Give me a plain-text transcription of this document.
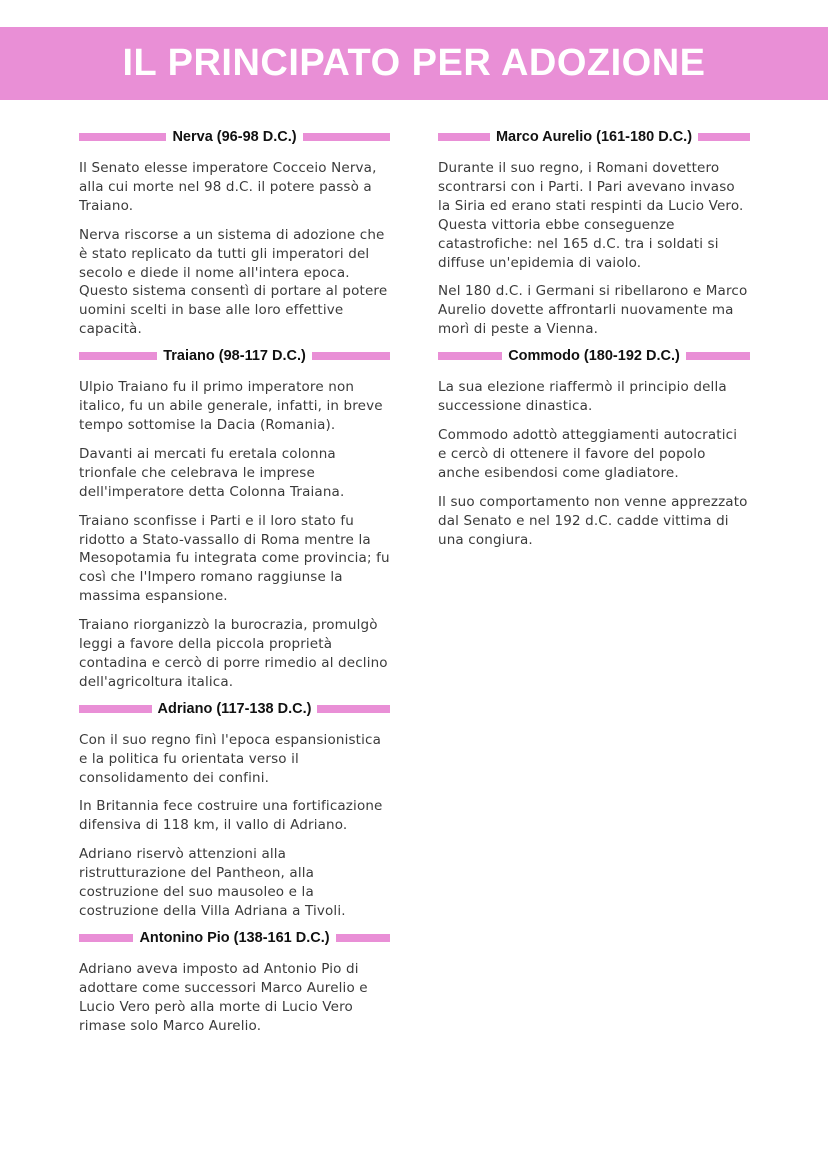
IL PRINCIPATO PER ADOZIONE
Nerva (96-98 D.C.)

Il Senato elesse imperatore Cocceio Nerva, alla cui morte nel 98 d.C. il potere passò a Traiano.

Nerva riscorse a un sistema di adozione che è stato replicato da tutti gli imperatori del secolo e diede il nome all'intera epoca. Questo sistema consentì di portare al potere uomini scelti in base alle loro effettive capacità.

Traiano (98-117 D.C.)

Ulpio Traiano fu il primo imperatore non italico, fu un abile generale, infatti, in breve tempo sottomise la Dacia (Romania).

Davanti ai mercati fu eretala colonna trionfale che celebrava le imprese dell'imperatore detta Colonna Traiana.

Traiano sconfisse i Parti e il loro stato fu ridotto a Stato-vassallo di Roma mentre la Mesopotamia fu integrata come provincia; fu così che l'Impero romano raggiunse la massima espansione.

Traiano riorganizzò la burocrazia, promulgò leggi a favore della piccola proprietà contadina e cercò di porre rimedio al declino dell'agricoltura italica.

Adriano (117-138 D.C.)

Con il suo regno finì l'epoca espansionistica e la politica fu orientata verso il consolidamento dei confini.

In Britannia fece costruire una fortificazione difensiva di 118 km, il vallo di Adriano.

Adriano riservò attenzioni alla ristrutturazione del Pantheon, alla costruzione del suo mausoleo e la costruzione della Villa Adriana a Tivoli.

Antonino Pio (138-161 D.C.)

Adriano aveva imposto ad Antonio Pio di adottare come successori Marco Aurelio e Lucio Vero però alla morte di Lucio Vero rimase solo Marco Aurelio.

Marco Aurelio (161-180 D.C.)

Durante il suo regno, i Romani dovettero scontrarsi con i Parti. I Pari avevano invaso la Siria ed erano stati respinti da Lucio Vero. Questa vittoria ebbe conseguenze catastrofiche: nel 165 d.C. tra i soldati si diffuse un'epidemia di vaiolo.

Nel 180 d.C. i Germani si ribellarono e Marco Aurelio dovette affrontarli nuovamente ma morì di peste a Vienna.

Commodo (180-192 D.C.)

La sua elezione riaffermò il principio della successione dinastica.

Commodo adottò atteggiamenti autocratici e cercò di ottenere il favore del popolo anche esibendosi come gladiatore.

Il suo comportamento non venne apprezzato dal Senato e nel 192 d.C. cadde vittima di una congiura.
